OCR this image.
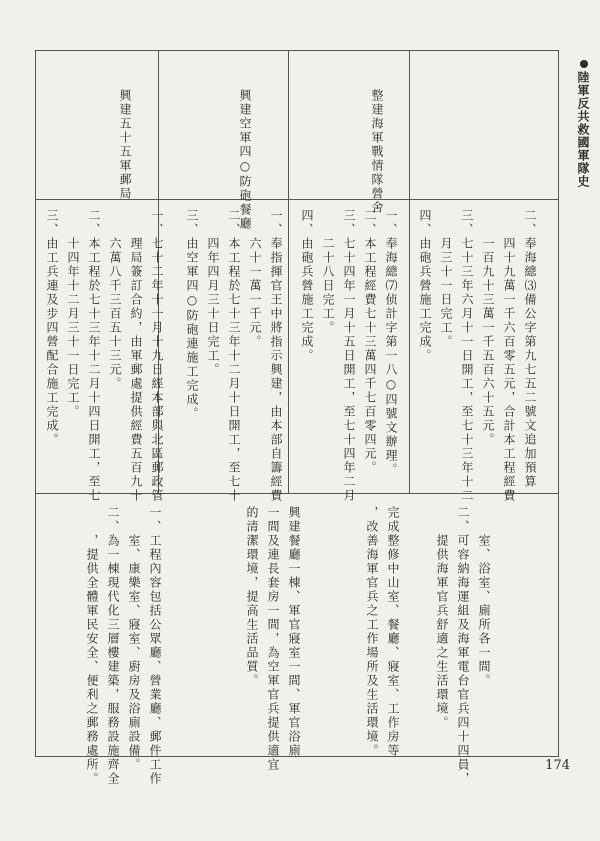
陸軍反共救國軍隊史
174
二、奉海總⑶備公字第九七五二號文追加預算
　　四十九萬一千六百零五元，合計本工程經費
　　一百九十三萬一千五百六十五元。
三、七十三年六月十一日開工，至七十三年十二
　　月三十一日完工。
四、由砲兵營施工完成。
　　室、浴室、廁所各一間。
二、可容納海運組及海軍電台官兵四十四員，
　　提供海軍官兵舒適之生活環境。
整建海軍戰情隊營舍
一、奉海總⑺侦計字第一八○四號文辦理。
二、本工程經費七十三萬四千七百零四元。
三、七十四年一月十五日開工，至七十四年二月
　　二十八日完工。
四、由砲兵營施工完成。
完成整修中山室、餐廳、寢室、工作房等
，改善海軍官兵之工作場所及生活環境。
興建空軍四○防砲餐廳
一、奉指揮官王中將指示興建，由本部自籌經費
　　六十一萬一千元。
二、本工程於七十三年十二月十日開工，至七十
　　四年四月三十日完工。
三、由空軍四○防砲連施工完成。
興建餐廳一棟、軍官寢室一間、軍官浴廁
一間及連長套房一間，為空軍官兵提供適宜
的清潔環境，提高生活品質。
興建五十五軍郵局
一、七十二年十一月十九日經本部與北區郵政管
　　理局簽訂合約，由軍郵處提供經費五百九十
　　六萬八千三百五十三元。
二、本工程於七十三年十二月十四日開工，至七
　　十四年十二月三十一日完工。
三、由工兵連及步四營配合施工完成。
一、工程內容包括公眾廳、營業廳、郵件工作
　　室、康樂室、寢室、廚房及浴廁設備。
二、為一棟現代化三層樓建築，服務設施齊全
　　，提供全體軍民安全、便利之郵務處所。
